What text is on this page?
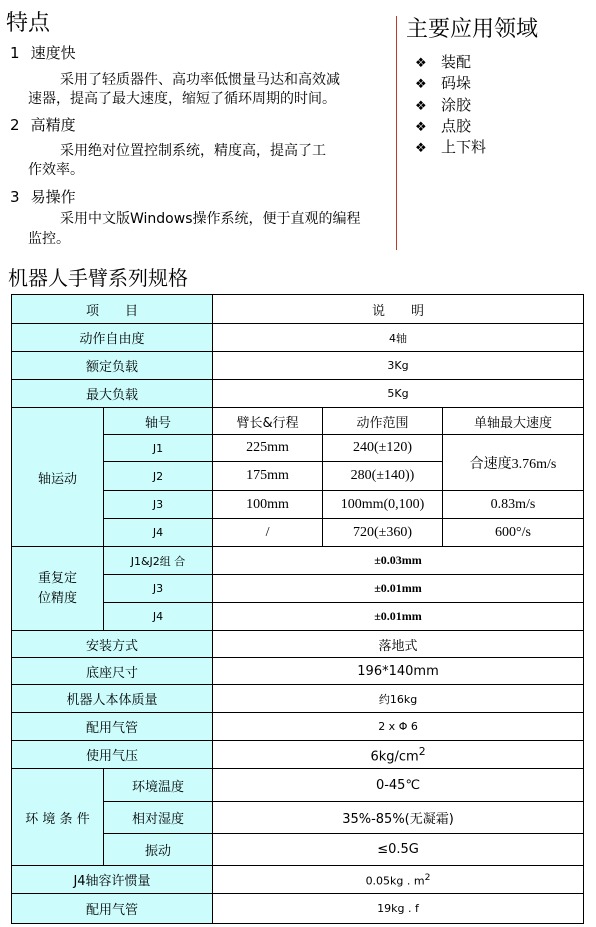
特点
1 速度快
采用了轻质器件、高功率低惯量马达和高效减
速器，提高了最大速度，缩短了循环周期的时间。
2 高精度
采用绝对位置控制系统，精度高，提高了工
作效率。
3 易操作
采用中文版Windows操作系统，便于直观的编程
监控。
主要应用领域
❖ 装配
❖ 码垛
❖ 涂胶
❖ 点胶
❖ 上下料
机器人手臂系列规格
项　　目		说　　明		
动作自由度		4轴		
额定负载		3Kg		
最大负载		5Kg		
轴运动	轴号	臂长&行程	动作范围	单轴最大速度
	J1	225mm	240(±120)	合速度3.76m/s
	J2	175mm	280(±140))	
	J3	100mm	100mm(0,100)	0.83m/s
	J4	/	720(±360)	600°/s
重复定
位精度	J1&J2组 合	±0.03mm		
	J3	±0.01mm		
	J4	±0.01mm		
安装方式		落地式		
底座尺寸		196*140mm		
机器人本体质量		约16kg		
配用气管		2 x Φ 6		
使用气压		$6kg/cm^2$
环 境 条 件	环境温度	0-45℃		
	相对湿度	35%-85%(无凝霜)		
	振动	≤0.5G		
J4轴容许惯量		0.05kg . $m^2$
配用气管		19kg . f		
